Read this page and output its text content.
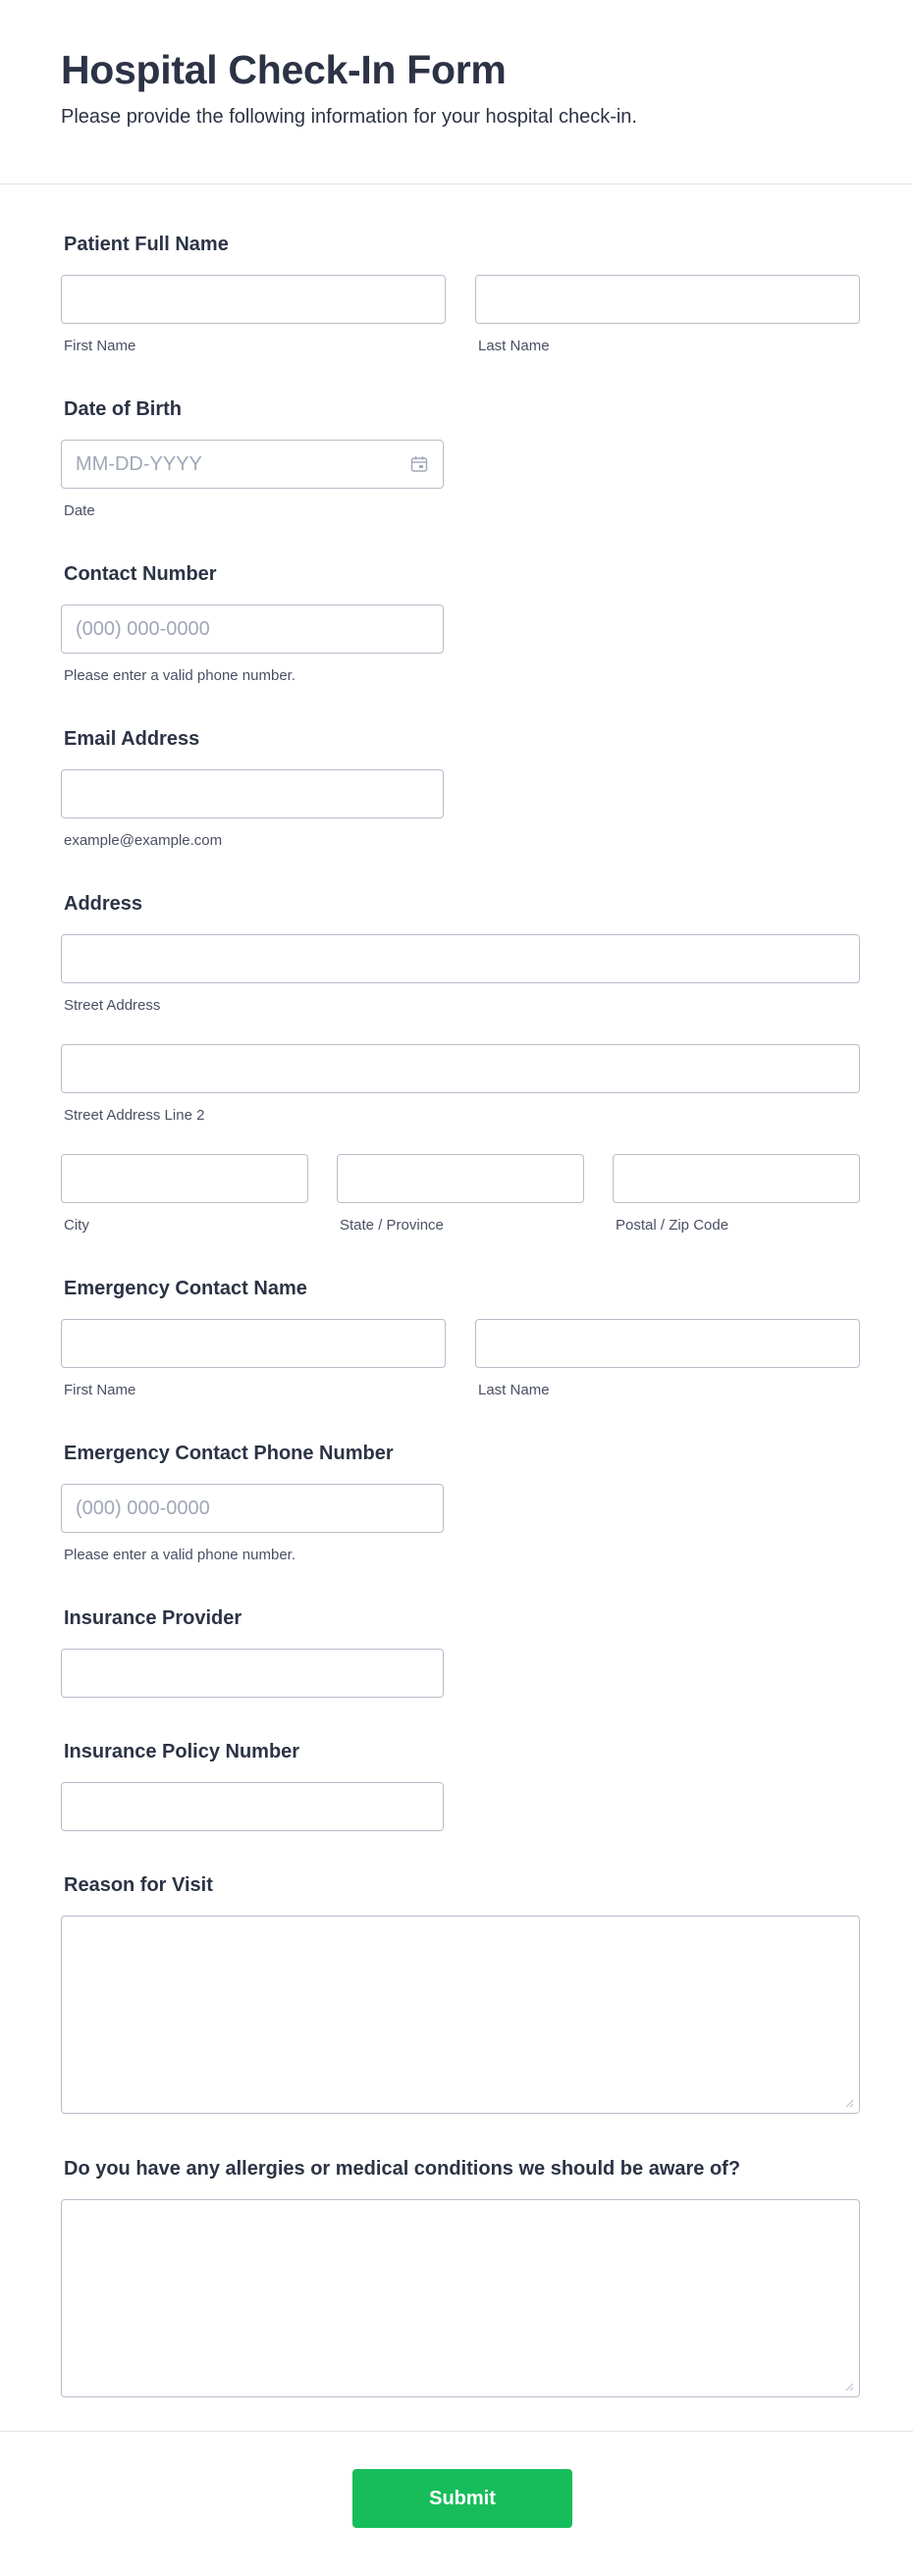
Hospital Check-In Form
Please provide the following information for your hospital check-in.
Patient Full Name
First Name	Last Name
Date of Birth
MM-DD-YYYY
Date
Contact Number
(000) 000-0000
Please enter a valid phone number.
Email Address
example@example.com
Address
Street Address
Street Address Line 2
City	State / Province	Postal / Zip Code
Emergency Contact Name
First Name	Last Name
Emergency Contact Phone Number
(000) 000-0000
Please enter a valid phone number.
Insurance Provider
Insurance Policy Number
Reason for Visit
Do you have any allergies or medical conditions we should be aware of?
Submit
